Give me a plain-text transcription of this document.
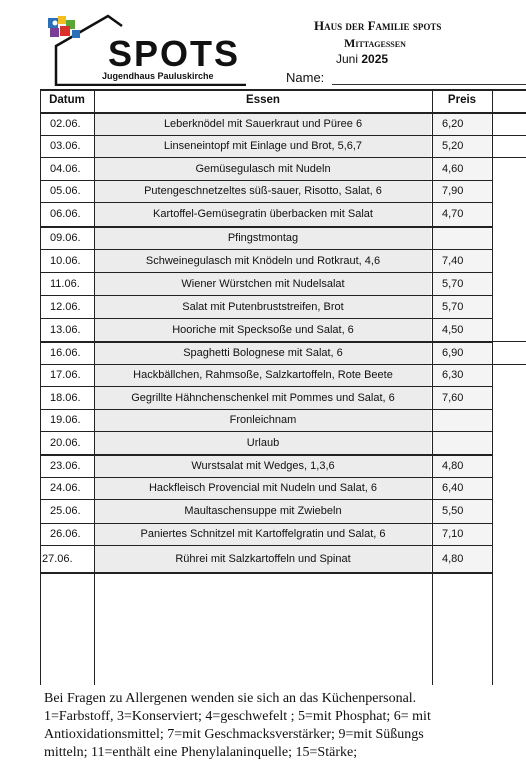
SPOTS
Jugendhaus Pauluskirche
Haus der Familie spots
Mittagessen
Juni 2025
Name:
Datum	Essen	Preis
02.06.	Leberknödel mit Sauerkraut und Püree 6	6,20
03.06.	Linseneintopf mit Einlage und Brot, 5,6,7	5,20
04.06.	Gemüsegulasch mit Nudeln	4,60
05.06.	Putengeschnetzeltes süß-sauer, Risotto, Salat, 6	7,90
06.06.	Kartoffel-Gemüsegratin überbacken mit Salat	4,70
09.06.	Pfingstmontag
10.06.	Schweinegulasch mit Knödeln und Rotkraut, 4,6	7,40
11.06.	Wiener Würstchen mit Nudelsalat	5,70
12.06.	Salat mit Putenbruststreifen, Brot	5,70
13.06.	Hooriche mit Specksoße und Salat, 6	4,50
16.06.	Spaghetti Bolognese mit Salat, 6	6,90
17.06.	Hackbällchen, Rahmsoße, Salzkartoffeln, Rote Beete	6,30
18.06.	Gegrillte Hähnchenschenkel mit Pommes und Salat, 6	7,60
19.06.	Fronleichnam
20.06.	Urlaub
23.06.	Wurstsalat mit Wedges, 1,3,6	4,80
24.06.	Hackfleisch Provencial mit Nudeln und Salat, 6	6,40
25.06.	Maultaschensuppe mit Zwiebeln	5,50
26.06.	Paniertes Schnitzel mit Kartoffelgratin und Salat, 6	7,10
27.06.	Rührei mit Salzkartoffeln und Spinat	4,80
Bei Fragen zu Allergenen wenden sie sich an das Küchenpersonal.
1=Farbstoff, 3=Konserviert; 4=geschwefelt ; 5=mit Phosphat; 6= mit
Antioxidationsmittel; 7=mit Geschmacksverstärker; 9=mit Süßungs
mitteln; 11=enthält eine Phenylalaninquelle; 15=Stärke;
